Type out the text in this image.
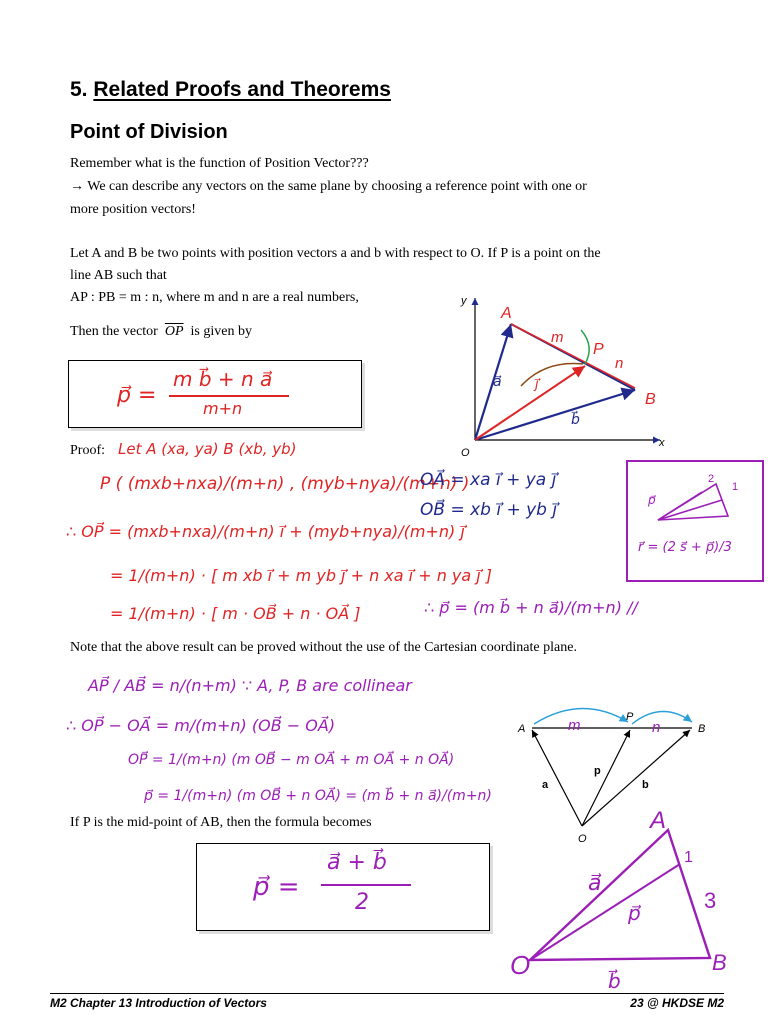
5. Related Proofs and Theorems
Point of Division
Remember what is the function of Position Vector???
→ We can describe any vectors on the same plane by choosing a reference point with one or
more position vectors!
Let A and B be two points with position vectors a and b with respect to O. If P is a point on the
line AB such that
AP : PB = m : n, where m and n are a real numbers,
Then the vector $\overline{OP}$ is given by
p⃗ =
m b⃗ + n a⃗
m+n
y
x
O
A
B
P
m
n
a⃗
b⃗
j⃗
Proof: Let A (xa, ya) B (xb, yb)
P ( (mxb+nxa)/(m+n) , (myb+nya)/(m+n) )
∴ OP⃗ = (mxb+nxa)/(m+n) i⃗ + (myb+nya)/(m+n) j⃗
= 1/(m+n) · [ m xb i⃗ + m yb j⃗ + n xa i⃗ + n ya j⃗ ]
= 1/(m+n) · [ m · OB⃗ + n · OA⃗ ]	∴ p⃗ = (m b⃗ + n a⃗)/(m+n) //
OA⃗ = xa i⃗ + ya j⃗
OB⃗ = xb i⃗ + yb j⃗	p⃗
2
1
r⃗ = (2 s⃗ + p⃗)/3
Note that the above result can be proved without the use of the Cartesian coordinate plane.
AP⃗ / AB⃗ = n/(n+m) ∵ A, P, B are collinear
∴ OP⃗ − OA⃗ = m/(m+n) (OB⃗ − OA⃗)
OP⃗ = 1/(m+n) (m OB⃗ − m OA⃗ + m OA⃗ + n OA⃗)
p⃗ = 1/(m+n) (m OB⃗ + n OA⃗) = (m b⃗ + n a⃗)/(m+n)
A
P
B
O
m	n
a
p
b
If P is the mid-point of AB, then the formula becomes
p⃗ =
a⃗ + b⃗
2
A
O	B
1
3
a⃗
b⃗
p⃗
M2 Chapter 13 Introduction of Vectors	23 @ HKDSE M2
